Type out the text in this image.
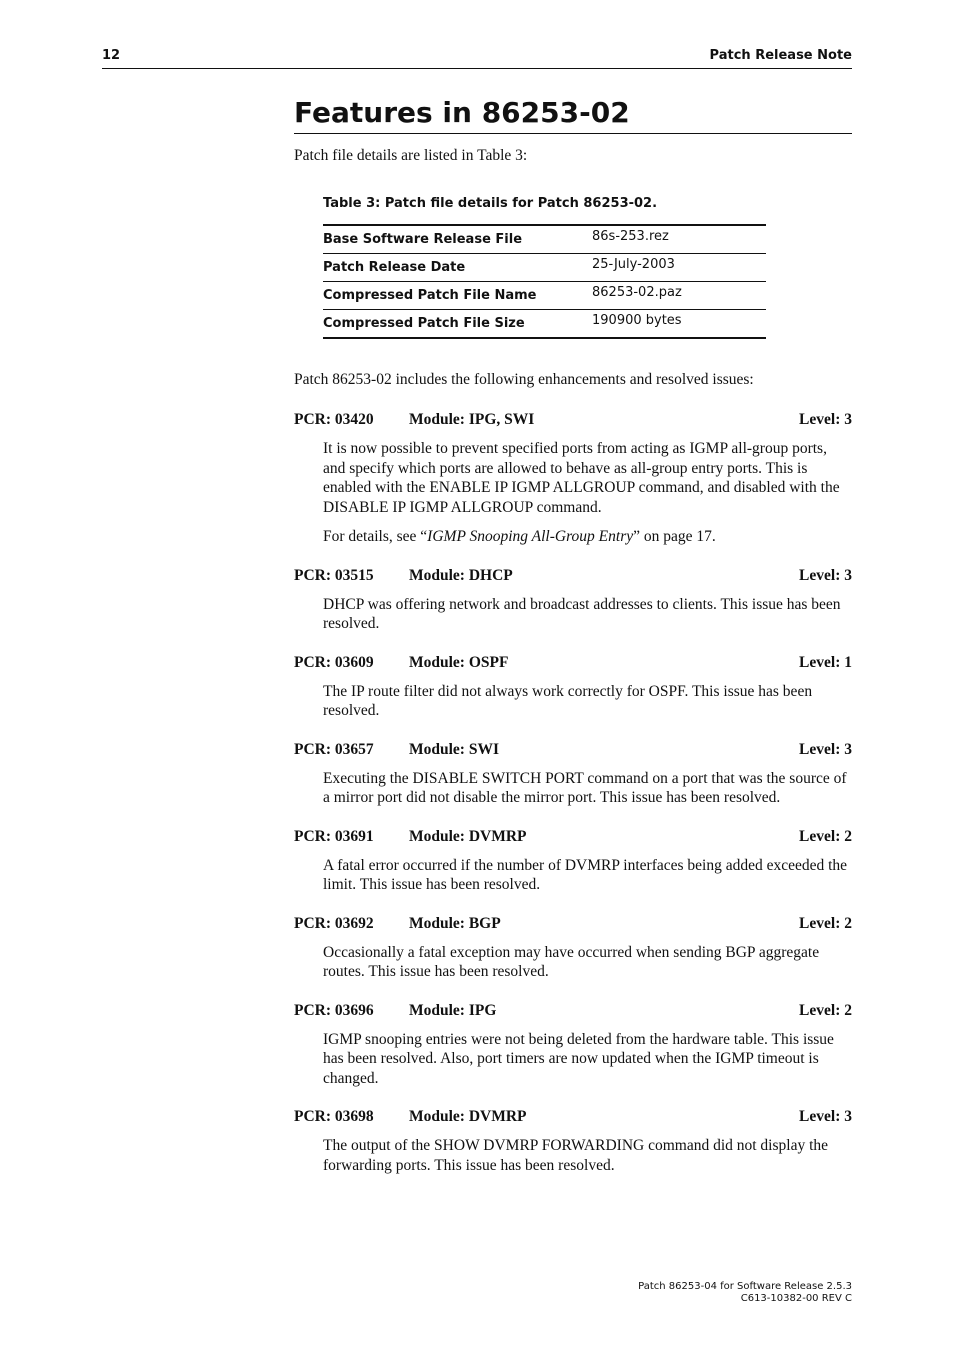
12	Patch Release Note
Features in 86253-02
Patch file details are listed in Table 3:
Table 3: Patch file details for Patch 86253-02.
Base Software Release File	86s-253.rez
Patch Release Date	25-July-2003
Compressed Patch File Name	86253-02.paz
Compressed Patch File Size	190900 bytes
Patch 86253-02 includes the following enhancements and resolved issues:
PCR: 03420 Module: IPG, SWI	Level: 3

It is now possible to prevent specified ports from acting as IGMP all-group ports, and specify which ports are allowed to behave as all-group entry ports. This is enabled with the ENABLE IP IGMP ALLGROUP command, and disabled with the DISABLE IP IGMP ALLGROUP command.

For details, see “IGMP Snooping All-Group Entry” on page 17.

PCR: 03515 Module: DHCP	Level: 3

DHCP was offering network and broadcast addresses to clients. This issue has been resolved.

PCR: 03609 Module: OSPF	Level: 1

The IP route filter did not always work correctly for OSPF. This issue has been resolved.

PCR: 03657 Module: SWI	Level: 3

Executing the DISABLE SWITCH PORT command on a port that was the source of a mirror port did not disable the mirror port. This issue has been resolved.

PCR: 03691 Module: DVMRP	Level: 2

A fatal error occurred if the number of DVMRP interfaces being added exceeded the limit. This issue has been resolved.

PCR: 03692 Module: BGP	Level: 2

Occasionally a fatal exception may have occurred when sending BGP aggregate routes. This issue has been resolved.

PCR: 03696 Module: IPG	Level: 2

IGMP snooping entries were not being deleted from the hardware table. This issue has been resolved. Also, port timers are now updated when the IGMP timeout is changed.

PCR: 03698 Module: DVMRP	Level: 3

The output of the SHOW DVMRP FORWARDING command did not display the forwarding ports. This issue has been resolved.

Patch 86253-04 for Software Release 2.5.3
C613-10382-00 REV C
